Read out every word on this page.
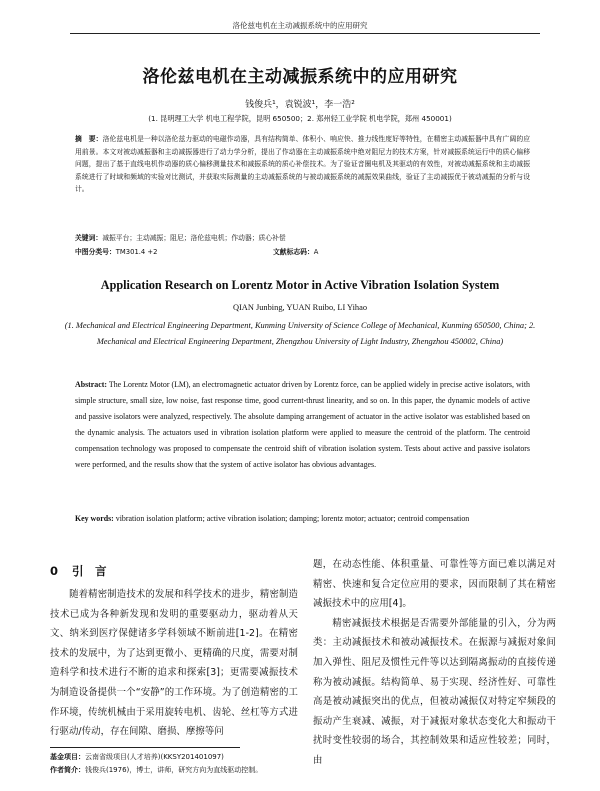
洛伦兹电机在主动减振系统中的应用研究
洛伦兹电机在主动减振系统中的应用研究
钱俊兵¹，袁锐波¹，李一浩²
(1. 昆明理工大学 机电工程学院，昆明 650500；2. 郑州轻工业学院 机电学院，郑州 450001)
摘　要：洛伦兹电机是一种以洛伦兹力驱动的电磁作动器，具有结构简单、体积小、响应快、推力线性度好等特性，在精密主动减振器中具有广阔的应用前景。本文对被动减振器和主动减振器进行了动力学分析，提出了作动器在主动减振系统中绝对阻尼力的技术方案，针对减振系统运行中的质心偏移问题，提出了基于直线电机作动器的质心偏移测量技术和减振系统的质心补偿技术。为了验证音圈电机及其驱动的有效性，对被动减振系统和主动减振系统进行了时域和频域的实验对比测试，并获取实际测量的主动减振系统的与被动减振系统的减振效果曲线，验证了主动减振优于被动减振的分析与设计。
关键词：减振平台；主动减振；阻尼；洛伦兹电机；作动器；质心补偿
中图分类号：TM301.4 +2	文献标志码：A
Application Research on Lorentz Motor in Active Vibration Isolation System
QIAN Junbing, YUAN Ruibo, LI Yihao
(1. Mechanical and Electrical Engineering Department, Kunming University of Science College of Mechanical, Kunming 650500, China; 2. Mechanical and Electrical Engineering Department, Zhengzhou University of Light Industry, Zhengzhou 450002, China)
Abstract: The Lorentz Motor (LM), an electromagnetic actuator driven by Lorentz force, can be applied widely in precise active isolators, with simple structure, small size, low noise, fast response time, good current-thrust linearity, and so on. In this paper, the dynamic models of active and passive isolators were analyzed, respectively. The absolute damping arrangement of actuator in the active isolator was established based on the dynamic analysis. The actuators used in vibration isolation platform were applied to measure the centroid of the platform. The centroid compensation technology was proposed to compensate the centroid shift of vibration isolation system. Tests about active and passive isolators were performed, and the results show that the system of active isolator has obvious advantages.
Key words: vibration isolation platform; active vibration isolation; damping; lorentz motor; actuator; centroid compensation
0 引　言
随着精密制造技术的发展和科学技术的进步，精密制造技术已成为各种新发现和发明的重要驱动力，驱动着从天文、纳米到医疗保健诸多学科领域不断前进[1-2]。在精密技术的发展中，为了达到更微小、更精确的尺度，需要对制造科学和技术进行不断的追求和探索[3]；更需要减振技术为制造设备提供一个“安静”的工作环境。为了创造精密的工作环境，传统机械由于采用旋转电机、齿轮、丝杠等方式进行驱动/传动，存在间隙、磨损、摩擦等问
题，在动态性能、体积重量、可靠性等方面已难以满足对精密、快速和复合定位应用的要求，因而限制了其在精密减振技术中的应用[4]。
精密减振技术根据是否需要外部能量的引入，分为两类：主动减振技术和被动减振技术。在振源与减振对象间加入弹性、阻尼及惯性元件等以达到隔离振动的直接传递称为被动减振。结构简单、易于实现、经济性好、可靠性高是被动减振突出的优点，但被动减振仅对特定窄频段的振动产生衰减、减振，对于减振对象状态变化大和振动干扰时变性较弱的场合，其控制效果和适应性较差；同时，由
基金项目：云南省级项目(人才培养)(KKSY201401097)
作者简介：钱俊兵(1976)，博士，讲师，研究方向为直线驱动控制。
